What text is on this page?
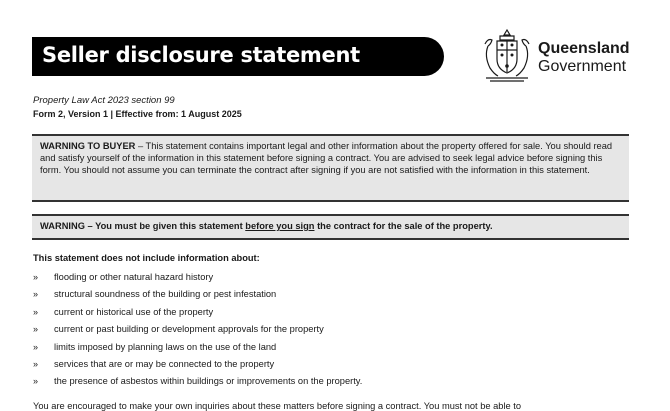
Seller disclosure statement	Queensland
Government
Property Law Act 2023 section 99
Form 2, Version 1 | Effective from: 1 August 2025
WARNING TO BUYER – This statement contains important legal and other information about the property offered for sale. You should read and satisfy yourself of the information in this statement before signing a contract. You are advised to seek legal advice before signing this form. You should not assume you can terminate the contract after signing if you are not satisfied with the information in this statement.
WARNING – You must be given this statement before you sign the contract for the sale of the property.
This statement does not include information about:
» flooding or other natural hazard history
» structural soundness of the building or pest infestation
» current or historical use of the property
» current or past building or development approvals for the property
» limits imposed by planning laws on the use of the land
» services that are or may be connected to the property
» the presence of asbestos within buildings or improvements on the property.
You are encouraged to make your own inquiries about these matters before signing a contract. You must not be able to
